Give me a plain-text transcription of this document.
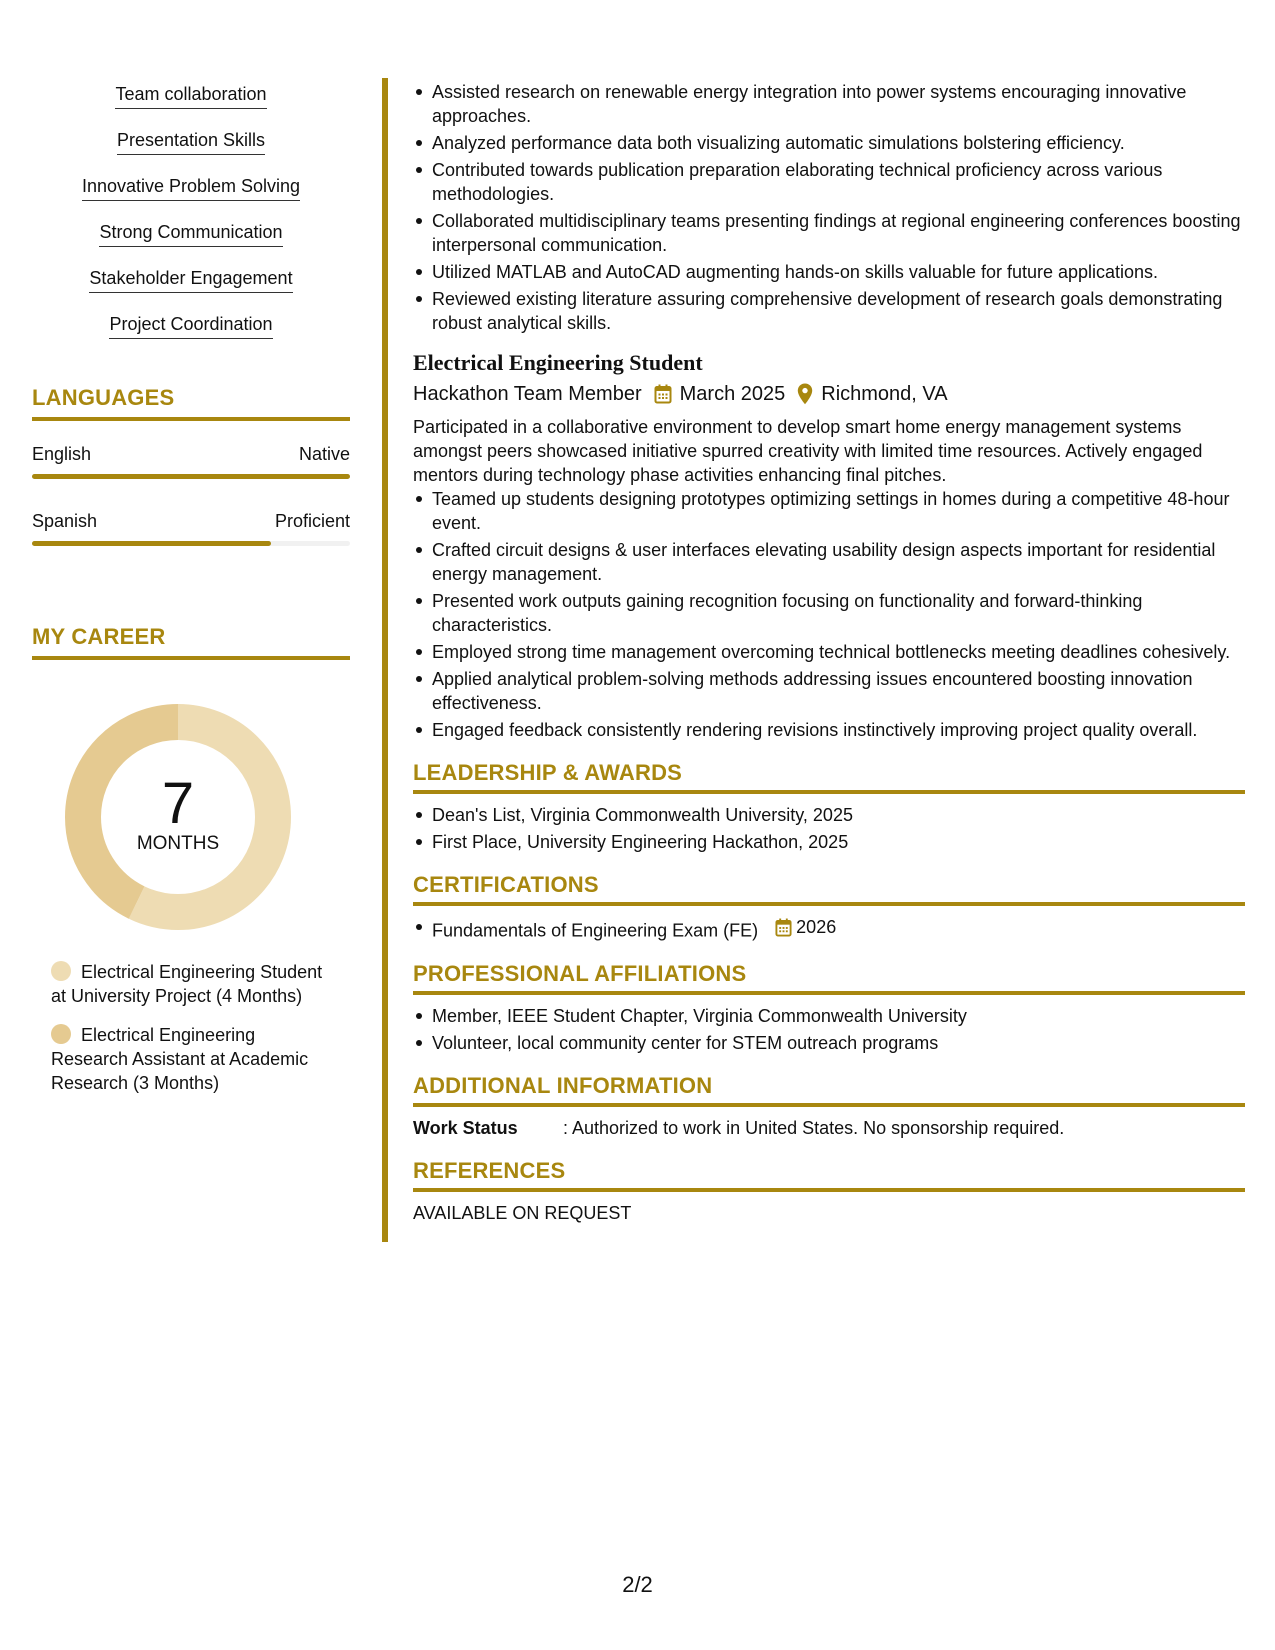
Team collaboration
Presentation Skills
Innovative Problem Solving
Strong Communication
Stakeholder Engagement
Project Coordination
LANGUAGES
English	Native
Spanish	Proficient
MY CAREER
7
MONTHS
Electrical Engineering Student at University Project (4 Months)
Electrical Engineering Research Assistant at Academic Research (3 Months)
Assisted research on renewable energy integration into power systems encouraging innovative approaches.
Analyzed performance data both visualizing automatic simulations bolstering efficiency.
Contributed towards publication preparation elaborating technical proficiency across various methodologies.
Collaborated multidisciplinary teams presenting findings at regional engineering conferences boosting interpersonal communication.
Utilized MATLAB and AutoCAD augmenting hands-on skills valuable for future applications.
Reviewed existing literature assuring comprehensive development of research goals demonstrating robust analytical skills.
Electrical Engineering Student
Hackathon Team Member March 2025 Richmond, VA
Participated in a collaborative environment to develop smart home energy management systems amongst peers showcased initiative spurred creativity with limited time resources. Actively engaged mentors during technology phase activities enhancing final pitches.
Teamed up students designing prototypes optimizing settings in homes during a competitive 48-hour event.
Crafted circuit designs & user interfaces elevating usability design aspects important for residential energy management.
Presented work outputs gaining recognition focusing on functionality and forward-thinking characteristics.
Employed strong time management overcoming technical bottlenecks meeting deadlines cohesively.
Applied analytical problem-solving methods addressing issues encountered boosting innovation effectiveness.
Engaged feedback consistently rendering revisions instinctively improving project quality overall.
LEADERSHIP & AWARDS
Dean's List, Virginia Commonwealth University, 2025
First Place, University Engineering Hackathon, 2025
CERTIFICATIONS
Fundamentals of Engineering Exam (FE) 2026
PROFESSIONAL AFFILIATIONS
Member, IEEE Student Chapter, Virginia Commonwealth University
Volunteer, local community center for STEM outreach programs
ADDITIONAL INFORMATION
Work Status	: Authorized to work in United States. No sponsorship required.
REFERENCES
AVAILABLE ON REQUEST
2/2
